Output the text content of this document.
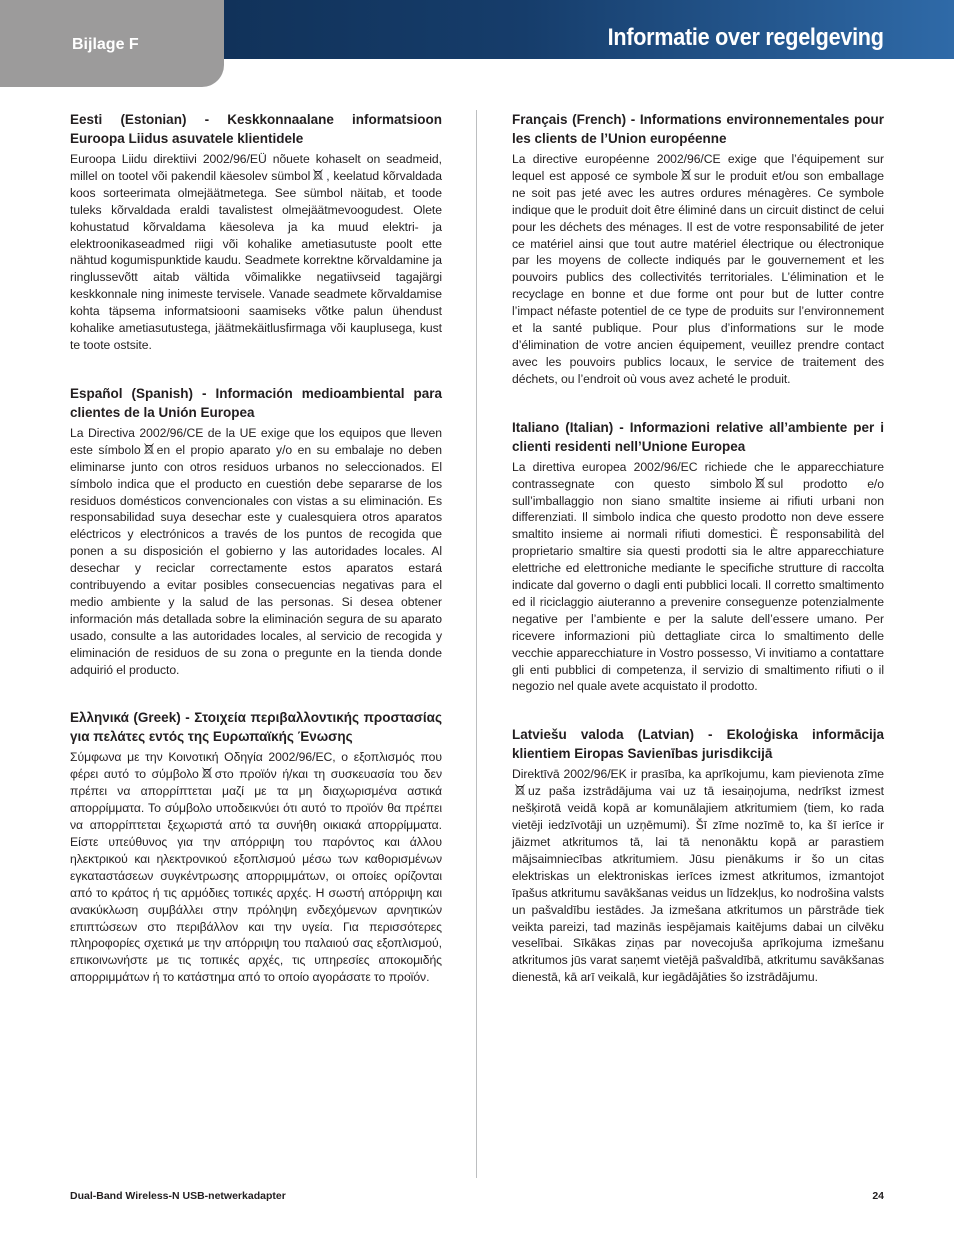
Bijlage F	Informatie over regelgeving
Eesti (Estonian) - Keskkonnaalane informatsioon Euroopa Liidus asuvatele klientidele

Euroopa Liidu direktiivi 2002/96/EÜ nõuete kohaselt on seadmeid, millel on tootel või pakendil käesolev sümbol , keelatud kõrvaldada koos sorteerimata olmejäätmetega. See sümbol näitab, et toode tuleks kõrvaldada eraldi tavalistest olmejäätmevoogudest. Olete kohustatud kõrvaldama käesoleva ja ka muud elektri- ja elektroonikaseadmed riigi või kohalike ametiasutuste poolt ette nähtud kogumispunktide kaudu. Seadmete korrektne kõrvaldamine ja ringlussevõtt aitab vältida võimalikke negatiivseid tagajärgi keskkonnale ning inimeste tervisele. Vanade seadmete kõrvaldamise kohta täpsema informatsiooni saamiseks võtke palun ühendust kohalike ametiasutustega, jäätmekäitlusfirmaga või kauplusega, kust te toote ostsite.

Español (Spanish) - Información medioambiental para clientes de la Unión Europea

La Directiva 2002/96/CE de la UE exige que los equipos que lleven este símbolo en el propio aparato y/o en su embalaje no deben eliminarse junto con otros residuos urbanos no seleccionados. El símbolo indica que el producto en cuestión debe separarse de los residuos domésticos convencionales con vistas a su eliminación. Es responsabilidad suya desechar este y cualesquiera otros aparatos eléctricos y electrónicos a través de los puntos de recogida que ponen a su disposición el gobierno y las autoridades locales. Al desechar y reciclar correctamente estos aparatos estará contribuyendo a evitar posibles consecuencias negativas para el medio ambiente y la salud de las personas. Si desea obtener información más detallada sobre la eliminación segura de su aparato usado, consulte a las autoridades locales, al servicio de recogida y eliminación de residuos de su zona o pregunte en la tienda donde adquirió el producto.

Ελληνικά (Greek) - Στοιχεία περιβαλλοντικής προστασίας για πελάτες εντός της Ευρωπαϊκής Ένωσης

Σύμφωνα με την Κοινοτική Οδηγία 2002/96/EC, ο εξοπλισμός που φέρει αυτό το σύμβολο στο προϊόν ή/και τη συσκευασία του δεν πρέπει να απορρίπτεται μαζί με τα μη διαχωρισμένα αστικά απορρίμματα. Το σύμβολο υποδεικνύει ότι αυτό το προϊόν θα πρέπει να απορρίπτεται ξεχωριστά από τα συνήθη οικιακά απορρίμματα. Είστε υπεύθυνος για την απόρριψη του παρόντος και άλλου ηλεκτρικού και ηλεκτρονικού εξοπλισμού μέσω των καθορισμένων εγκαταστάσεων συγκέντρωσης απορριμμάτων, οι οποίες ορίζονται από το κράτος ή τις αρμόδιες τοπικές αρχές. Η σωστή απόρριψη και ανακύκλωση συμβάλλει στην πρόληψη ενδεχόμενων αρνητικών επιπτώσεων στο περιβάλλον και την υγεία. Για περισσότερες πληροφορίες σχετικά με την απόρριψη του παλαιού σας εξοπλισμού, επικοινωνήστε με τις τοπικές αρχές, τις υπηρεσίες αποκομιδής απορριμμάτων ή το κατάστημα από το οποίο αγοράσατε το προϊόν.

Français (French) - Informations environnementales pour les clients de l’Union européenne

La directive européenne 2002/96/CE exige que l’équipement sur lequel est apposé ce symbole sur le produit et/ou son emballage ne soit pas jeté avec les autres ordures ménagères. Ce symbole indique que le produit doit être éliminé dans un circuit distinct de celui pour les déchets des ménages. Il est de votre responsabilité de jeter ce matériel ainsi que tout autre matériel électrique ou électronique par les moyens de collecte indiqués par le gouvernement et les pouvoirs publics des collectivités territoriales. L’élimination et le recyclage en bonne et due forme ont pour but de lutter contre l’impact néfaste potentiel de ce type de produits sur l’environnement et la santé publique. Pour plus d’informations sur le mode d’élimination de votre ancien équipement, veuillez prendre contact avec les pouvoirs publics locaux, le service de traitement des déchets, ou l’endroit où vous avez acheté le produit.

Italiano (Italian) - Informazioni relative all’ambiente per i clienti residenti nell’Unione Europea

La direttiva europea 2002/96/EC richiede che le apparecchiature contrassegnate con questo simbolo sul prodotto e/o sull’imballaggio non siano smaltite insieme ai rifiuti urbani non differenziati. Il simbolo indica che questo prodotto non deve essere smaltito insieme ai normali rifiuti domestici. È responsabilità del proprietario smaltire sia questi prodotti sia le altre apparecchiature elettriche ed elettroniche mediante le specifiche strutture di raccolta indicate dal governo o dagli enti pubblici locali. Il corretto smaltimento ed il riciclaggio aiuteranno a prevenire conseguenze potenzialmente negative per l’ambiente e per la salute dell’essere umano. Per ricevere informazioni più dettagliate circa lo smaltimento delle vecchie apparecchiature in Vostro possesso, Vi invitiamo a contattare gli enti pubblici di competenza, il servizio di smaltimento rifiuti o il negozio nel quale avete acquistato il prodotto.

Latviešu valoda (Latvian) - Ekoloģiska informācija klientiem Eiropas Savienības jurisdikcijā

Direktīvā 2002/96/EK ir prasība, ka aprīkojumu, kam pievienota zīmeuz paša izstrādājuma vai uz tā iesaiņojuma, nedrīkst izmest nešķirotā veidā kopā ar komunālajiem atkritumiem (tiem, ko rada vietēji iedzīvotāji un uzņēmumi). Šī zīme nozīmē to, ka šī ierīce ir jāizmet atkritumos tā, lai tā nenonāktu kopā ar parastiem mājsaimniecības atkritumiem. Jūsu pienākums ir šo un citas elektriskas un elektroniskas ierīces izmest atkritumos, izmantojot īpašus atkritumu savākšanas veidus un līdzekļus, ko nodrošina valsts un pašvaldību iestādes. Ja izmešana atkritumos un pārstrāde tiek veikta pareizi, tad mazinās iespējamais kaitējums dabai un cilvēku veselībai. Sīkākas ziņas par novecojuša aprīkojuma izmešanu atkritumos jūs varat saņemt vietējā pašvaldībā, atkritumu savākšanas dienestā, kā arī veikalā, kur iegādājāties šo izstrādājumu.

Dual-Band Wireless-N USB-netwerkadapter	24
